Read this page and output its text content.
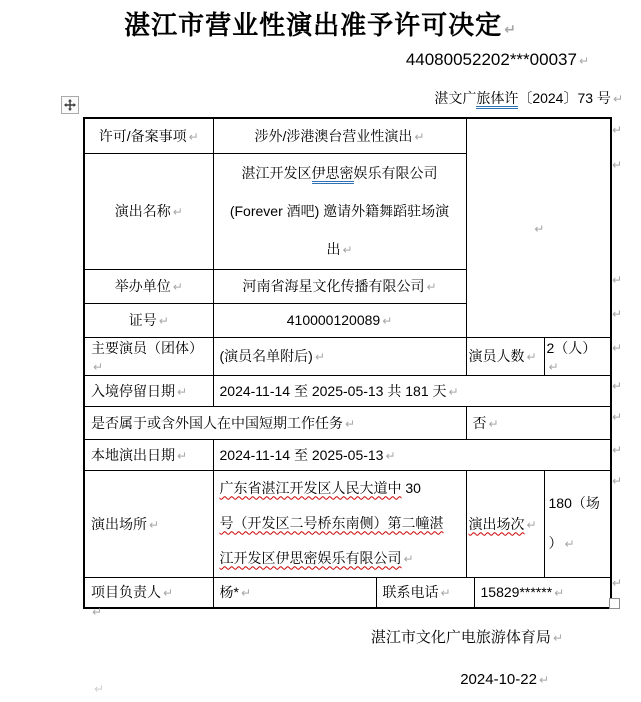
湛江市营业性演出准予许可决定 ↵
44080052202***00037 ↵
湛文广旅体许〔2024〕73 号 ↵
许可/备案事项 ↵	涉外/涉港澳台营业性演出 ↵		↵		
演出名称 ↵	湛江开发区伊思密娱乐有限公司
(Forever 酒吧) 邀请外籍舞蹈驻场演
出 ↵				

举办单位 ↵	河南省海星文化传播有限公司 ↵				
证号 ↵	410000120089 ↵				
主要演员（团体）↵	(演员名单附后) ↵		演员人数 ↵		2（人）↵
入境停留日期 ↵	2024-11-14 至 2025-05-13 共 181 天 ↵				
是否属于或含外国人在中国短期工作任务 ↵			否 ↵		
本地演出日期 ↵	2024-11-14 至 2025-05-13 ↵				
演出场所 ↵	广东省湛江开发区人民大道中 30
号（开发区二号桥东南侧）第二幢湛
江开发区伊思密娱乐有限公司 ↵		演出场次 ↵		180（场
） ↵

项目负责人 ↵	杨* ↵	联系电话 ↵		15829****** ↵	
↵
↵
↵
↵
↵
↵
↵
↵
↵
↵
↵
湛江市文化广电旅游体育局 ↵
2024-10-22 ↵
↵
